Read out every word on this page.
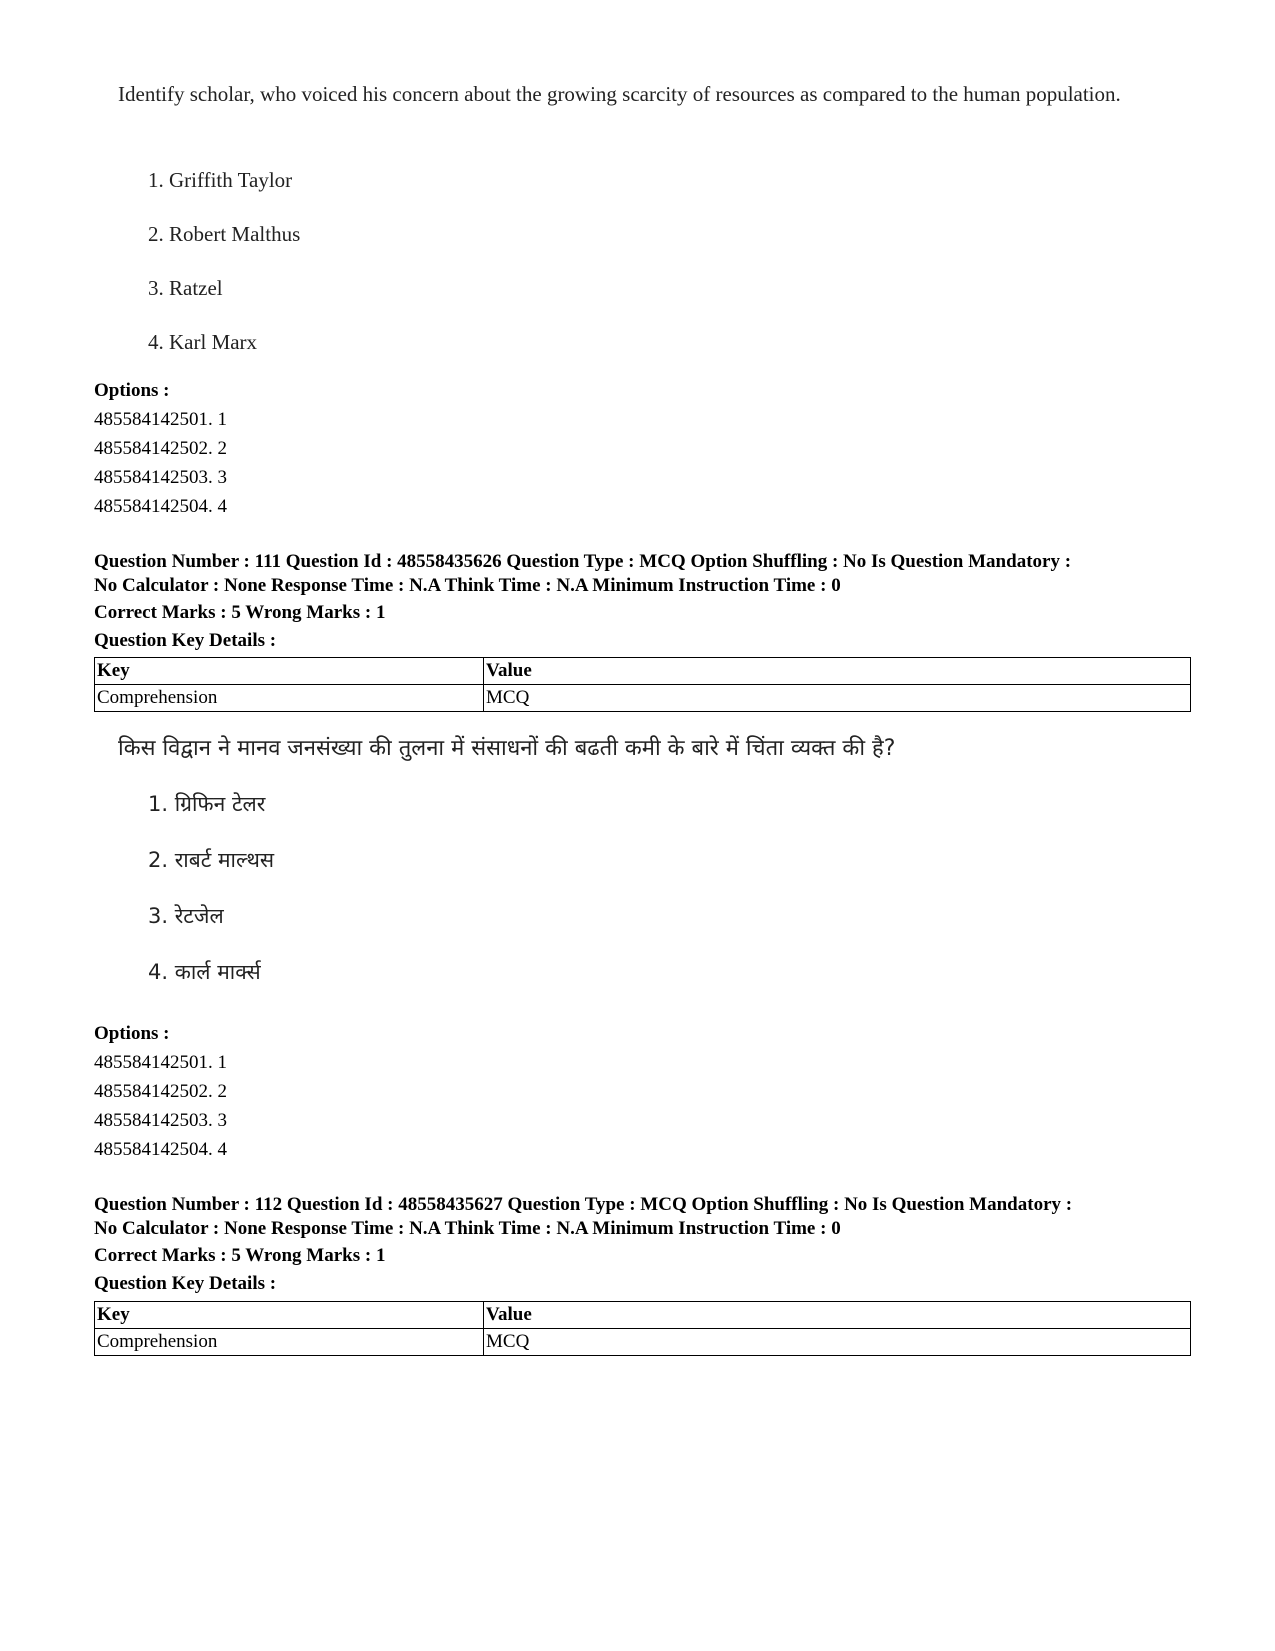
Identify scholar, who voiced his concern about the growing scarcity of resources as compared to the human population.
1. Griffith Taylor
2. Robert Malthus
3. Ratzel
4. Karl Marx
Options :
485584142501. 1
485584142502. 2
485584142503. 3
485584142504. 4
Question Number : 111 Question Id : 48558435626 Question Type : MCQ Option Shuffling : No Is Question Mandatory :
No Calculator : None Response Time : N.A Think Time : N.A Minimum Instruction Time : 0
Correct Marks : 5 Wrong Marks : 1
Question Key Details :
Key	Value
Comprehension	MCQ
किस विद्वान ने मानव जनसंख्या की तुलना में संसाधनों की बढती कमी के बारे में चिंता व्यक्त की है?
1. ग्रिफिन टेलर
2. राबर्ट माल्थस
3. रेटजेल
4. कार्ल मार्क्स
Options :
485584142501. 1
485584142502. 2
485584142503. 3
485584142504. 4
Question Number : 112 Question Id : 48558435627 Question Type : MCQ Option Shuffling : No Is Question Mandatory :
No Calculator : None Response Time : N.A Think Time : N.A Minimum Instruction Time : 0
Correct Marks : 5 Wrong Marks : 1
Question Key Details :
Key	Value
Comprehension	MCQ
